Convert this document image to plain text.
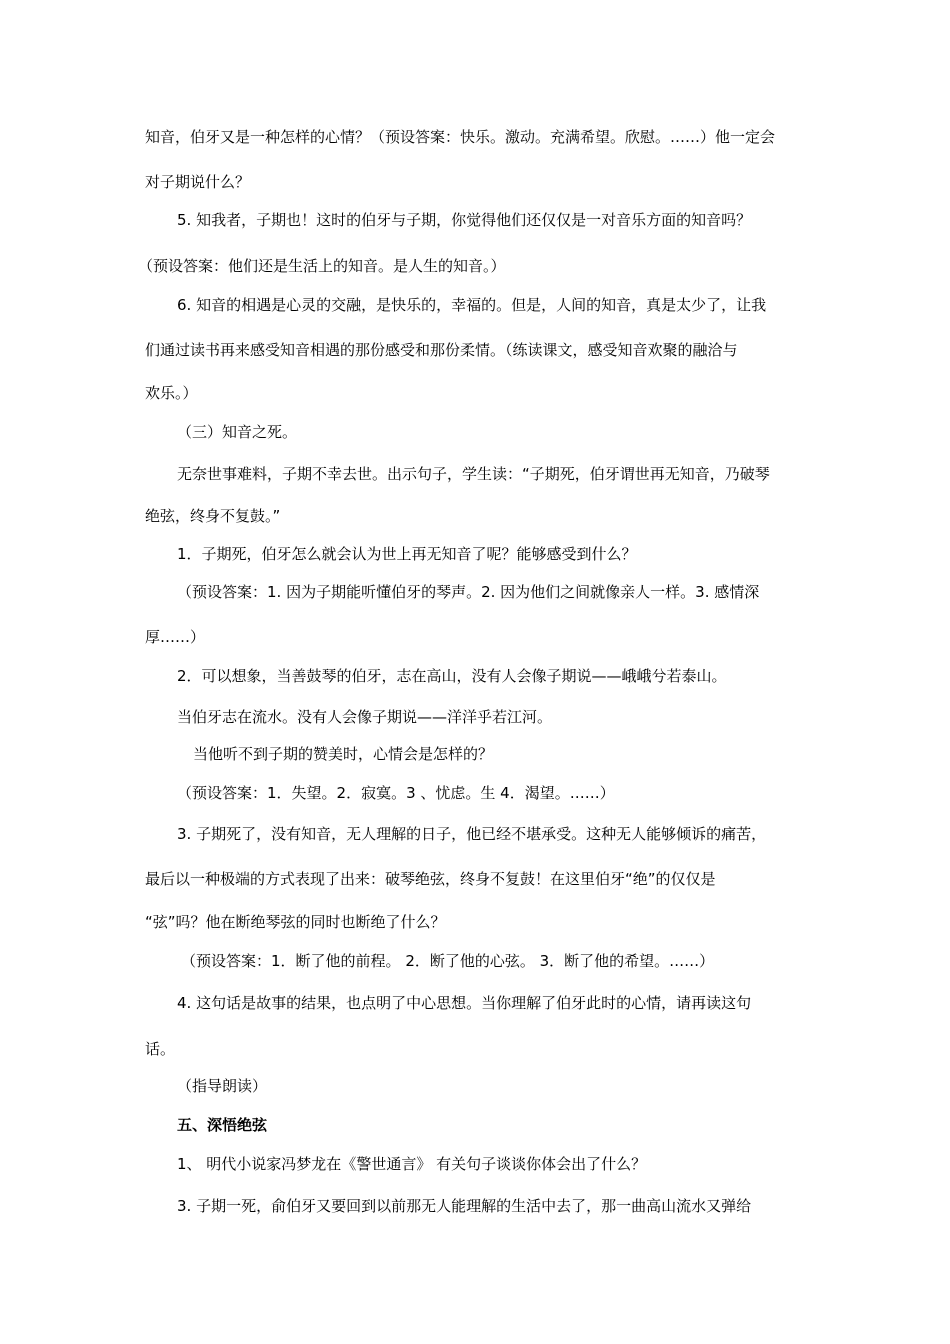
知音，伯牙又是一种怎样的心情？（预设答案：快乐。激动。充满希望。欣慰。……）他一定会
对子期说什么？
5. 知我者，子期也！这时的伯牙与子期，你觉得他们还仅仅是一对音乐方面的知音吗？
（预设答案：他们还是生活上的知音。是人生的知音。）
6. 知音的相遇是心灵的交融，是快乐的，幸福的。但是，人间的知音，真是太少了，让我
们通过读书再来感受知音相遇的那份感受和那份柔情。（练读课文，感受知音欢聚的融洽与
欢乐。）
（三）知音之死。
无奈世事难料，子期不幸去世。出示句子，学生读：“子期死，伯牙谓世再无知音，乃破琴
绝弦，终身不复鼓。”
1．子期死，伯牙怎么就会认为世上再无知音了呢？能够感受到什么？
（预设答案：1. 因为子期能听懂伯牙的琴声。2. 因为他们之间就像亲人一样。3. 感情深
厚……）
2．可以想象，当善鼓琴的伯牙，志在高山，没有人会像子期说——峨峨兮若泰山。
当伯牙志在流水。没有人会像子期说——洋洋乎若江河。
当他听不到子期的赞美时，心情会是怎样的？
（预设答案：1．失望。2．寂寞。3 、忧虑。生 4．渴望。……）
3. 子期死了，没有知音，无人理解的日子，他已经不堪承受。这种无人能够倾诉的痛苦，
最后以一种极端的方式表现了出来：破琴绝弦，终身不复鼓！在这里伯牙“绝”的仅仅是
“弦”吗？他在断绝琴弦的同时也断绝了什么？
（预设答案：1．断了他的前程。 2．断了他的心弦。 3．断了他的希望。……）
4. 这句话是故事的结果，也点明了中心思想。当你理解了伯牙此时的心情，请再读这句
话。
（指导朗读）
五、深悟绝弦
1、 明代小说家冯梦龙在《警世通言》 有关句子谈谈你体会出了什么？
3. 子期一死，俞伯牙又要回到以前那无人能理解的生活中去了，那一曲高山流水又弹给
